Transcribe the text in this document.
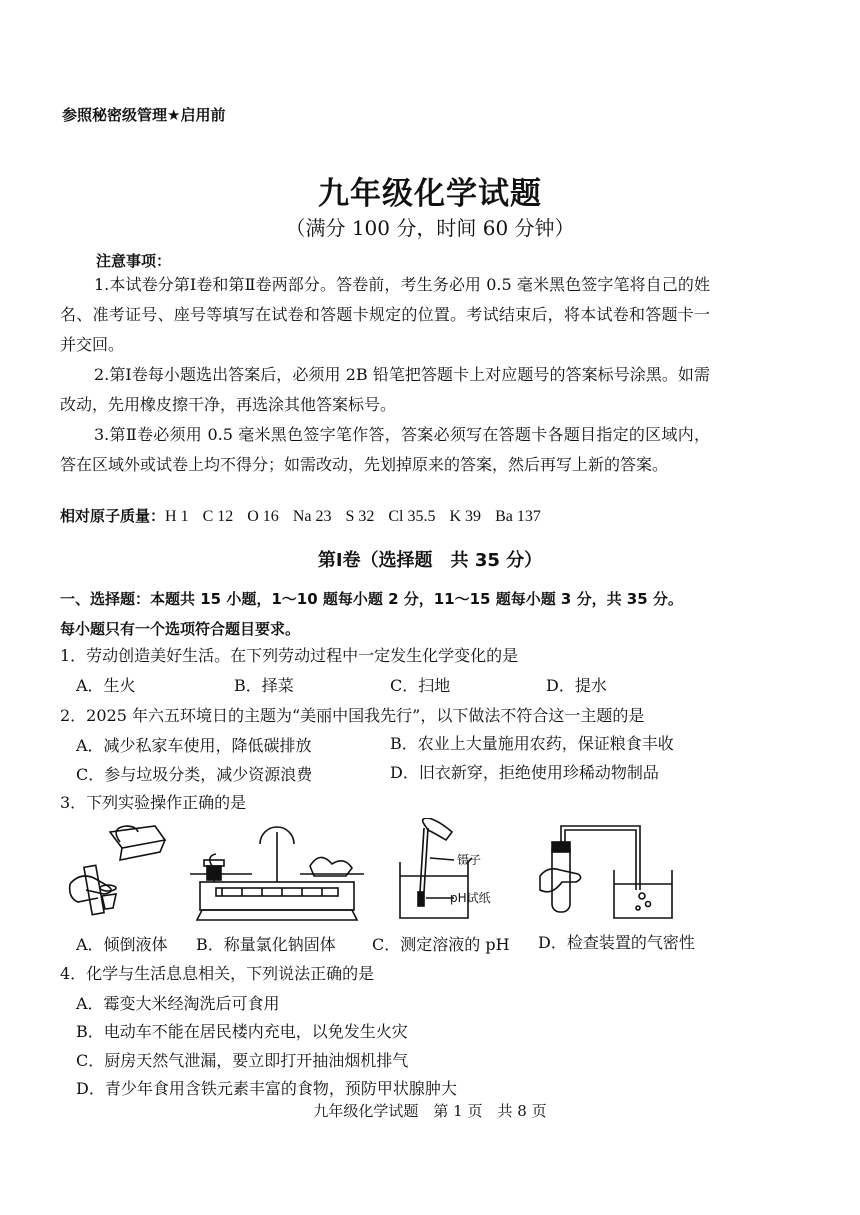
参照秘密级管理★启用前
九年级化学试题
（满分 100 分，时间 60 分钟）
注意事项：
1.本试卷分第Ⅰ卷和第Ⅱ卷两部分。答卷前，考生务必用 0.5 毫米黑色签字笔将自己的姓名、准考证号、座号等填写在试卷和答题卡规定的位置。考试结束后，将本试卷和答题卡一并交回。
2.第Ⅰ卷每小题选出答案后，必须用 2B 铅笔把答题卡上对应题号的答案标号涂黑。如需改动，先用橡皮擦干净，再选涂其他答案标号。
3.第Ⅱ卷必须用 0.5 毫米黑色签字笔作答，答案必须写在答题卡各题目指定的区域内，答在区域外或试卷上均不得分；如需改动，先划掉原来的答案，然后再写上新的答案。
相对原子质量：H 1 C 12 O 16 Na 23 S 32 Cl 35.5 K 39 Ba 137
第Ⅰ卷（选择题　共 35 分）
一、选择题：本题共 15 小题，1～10 题每小题 2 分，11～15 题每小题 3 分，共 35 分。
每小题只有一个选项符合题目要求。
1．劳动创造美好生活。在下列劳动过程中一定发生化学变化的是
A．生火	B．择菜	C．扫地	D．提水
2．2025 年六五环境日的主题为“美丽中国我先行”，以下做法不符合这一主题的是
A．减少私家车使用，降低碳排放	B．农业上大量施用农药，保证粮食丰收
C．参与垃圾分类，减少资源浪费	D．旧衣新穿，拒绝使用珍稀动物制品
3．下列实验操作正确的是
镊子
pH试纸
A．倾倒液体 B．称量氯化钠固体 C．测定溶液的 pH D．检查装置的气密性
4．化学与生活息息相关，下列说法正确的是
A．霉变大米经淘洗后可食用
B．电动车不能在居民楼内充电，以免发生火灾
C．厨房天然气泄漏，要立即打开抽油烟机排气
D．青少年食用含铁元素丰富的食物，预防甲状腺肿大
九年级化学试题　第 1 页　共 8 页
